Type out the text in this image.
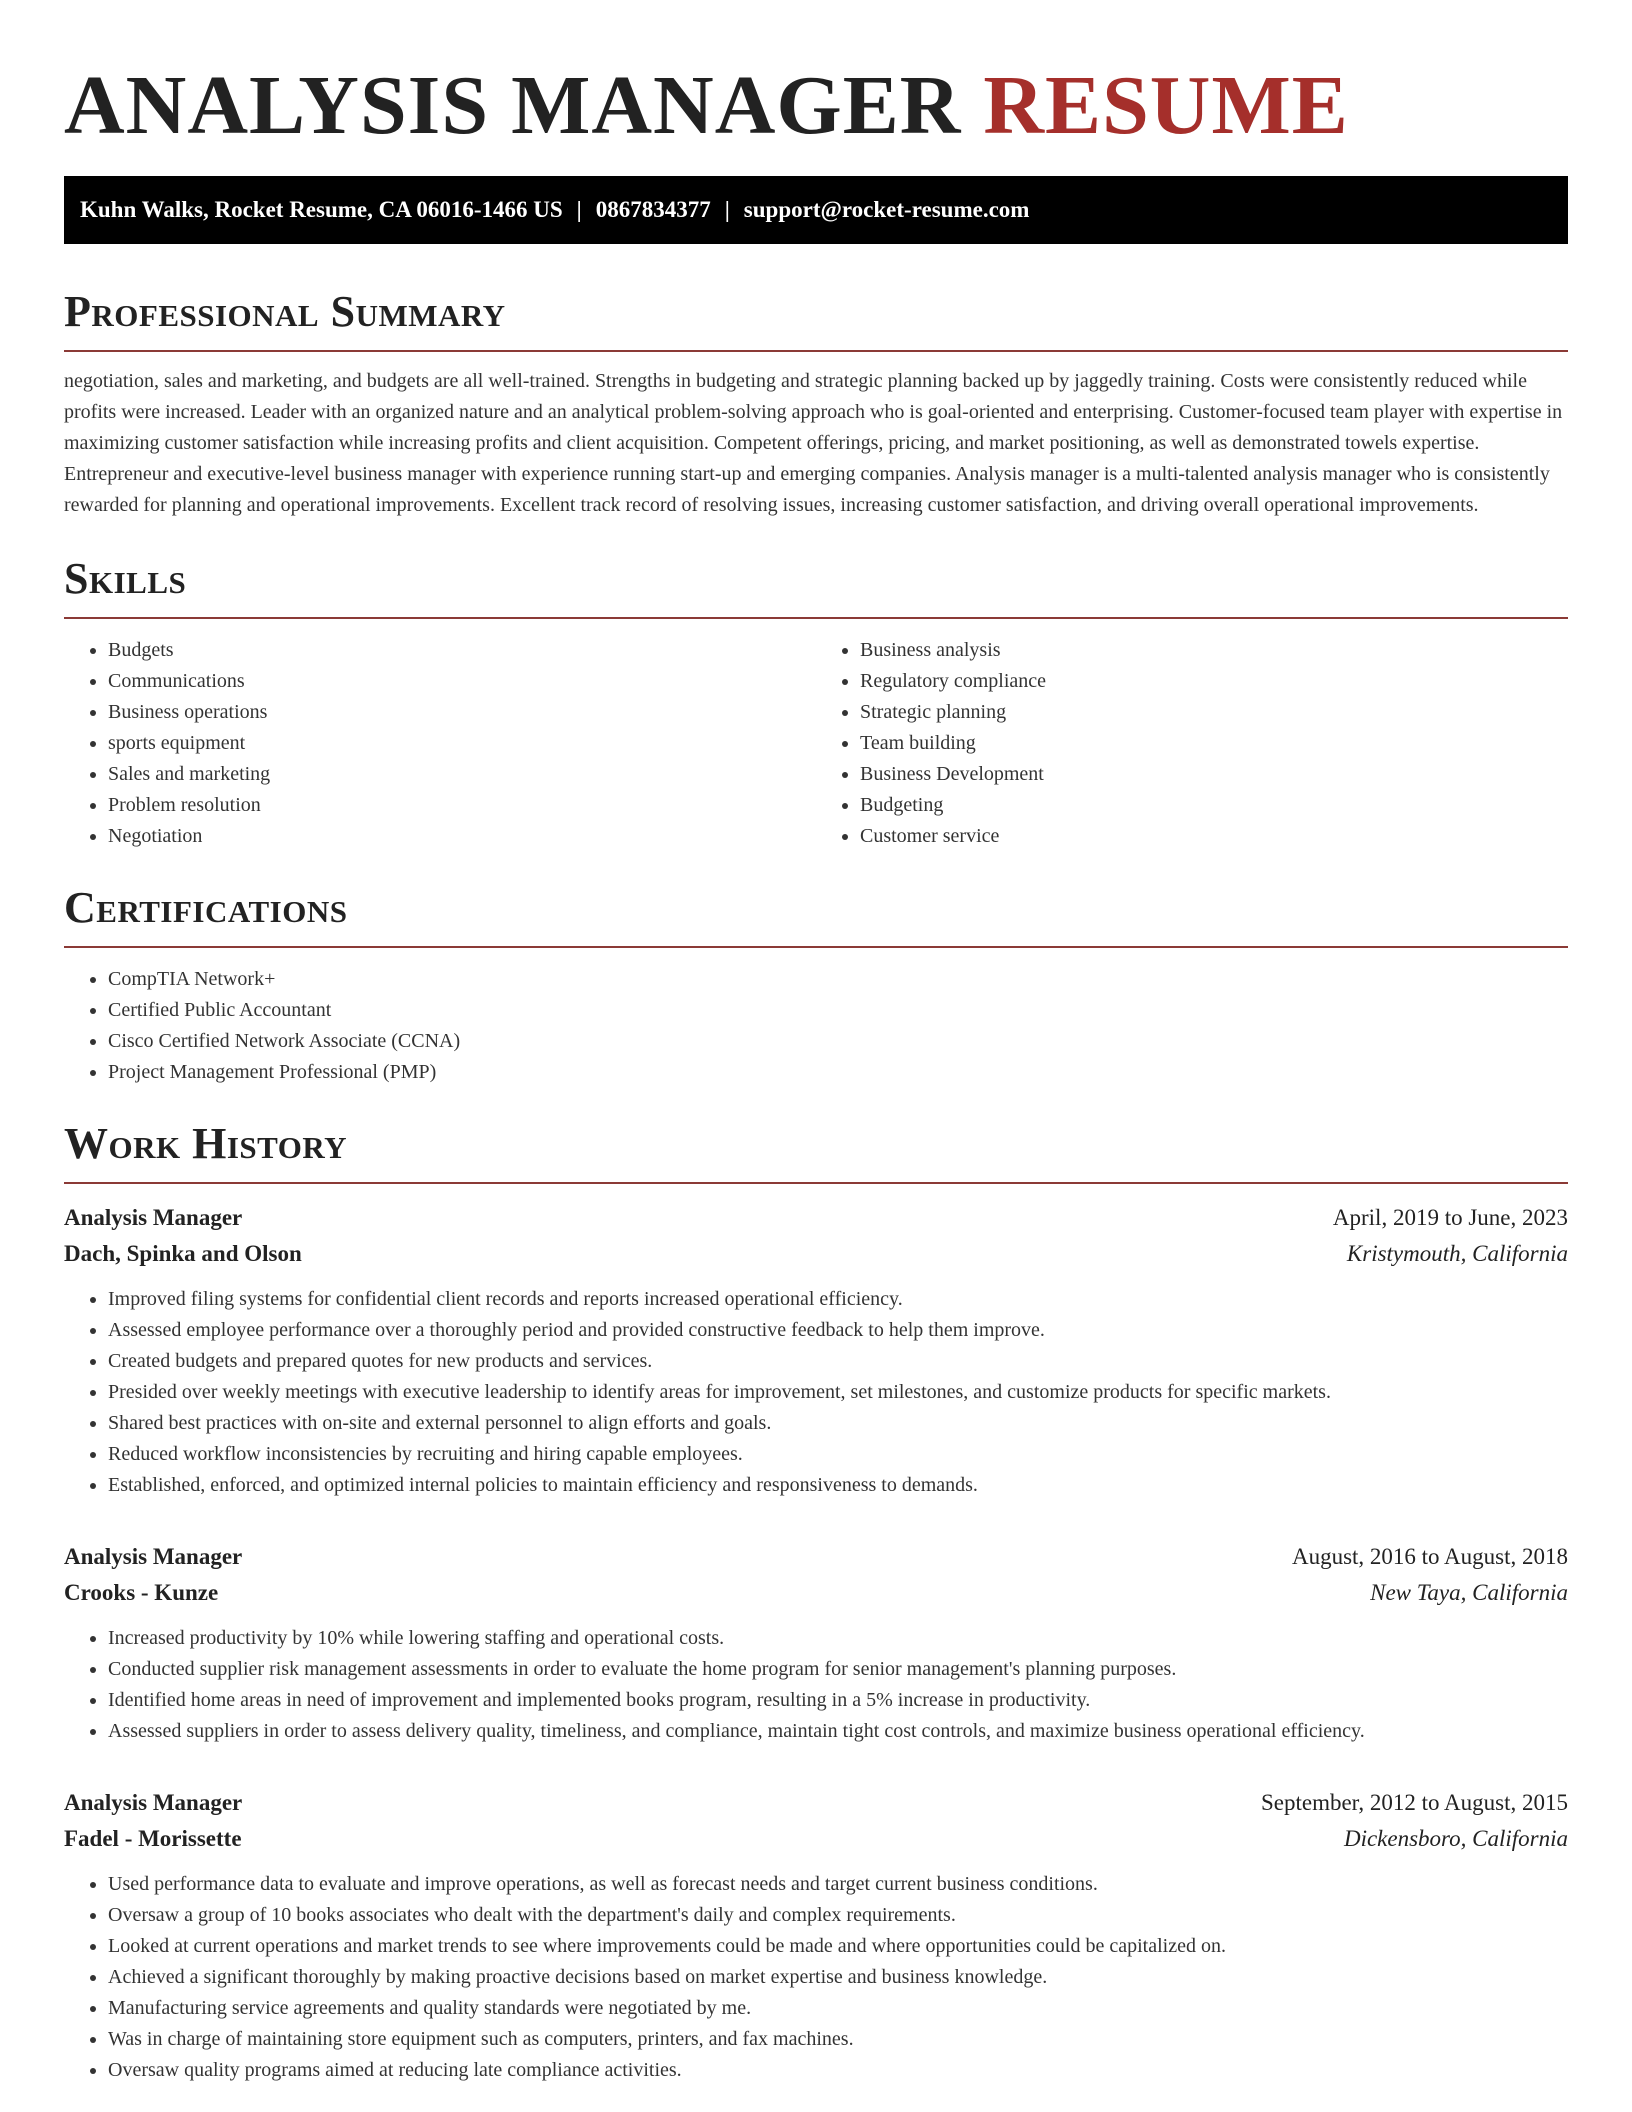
ANALYSIS MANAGER RESUME
Kuhn Walks, Rocket Resume, CA 06016-1466 US | 0867834377 | support@rocket-resume.com
Professional Summary

negotiation, sales and marketing, and budgets are all well-trained. Strengths in budgeting and strategic planning backed up by jaggedly training. Costs were consistently reduced while profits were increased. Leader with an organized nature and an analytical problem-solving approach who is goal-oriented and enterprising. Customer-focused team player with expertise in maximizing customer satisfaction while increasing profits and client acquisition. Competent offerings, pricing, and market positioning, as well as demonstrated towels expertise. Entrepreneur and executive-level business manager with experience running start-up and emerging companies. Analysis manager is a multi-talented analysis manager who is consistently rewarded for planning and operational improvements. Excellent track record of resolving issues, increasing customer satisfaction, and driving overall operational improvements.

Skills
• Budgets
• Communications
• Business operations
• sports equipment
• Sales and marketing
• Problem resolution
• Negotiation
• Business analysis
• Regulatory compliance
• Strategic planning
• Team building
• Business Development
• Budgeting
• Customer service
Certifications
• CompTIA Network+
• Certified Public Accountant
• Cisco Certified Network Associate (CCNA)
• Project Management Professional (PMP)
Work History
Analysis Manager	April, 2019 to June, 2023
Dach, Spinka and Olson	Kristymouth, California
• Improved filing systems for confidential client records and reports increased operational efficiency.
• Assessed employee performance over a thoroughly period and provided constructive feedback to help them improve.
• Created budgets and prepared quotes for new products and services.
• Presided over weekly meetings with executive leadership to identify areas for improvement, set milestones, and customize products for specific markets.
• Shared best practices with on-site and external personnel to align efforts and goals.
• Reduced workflow inconsistencies by recruiting and hiring capable employees.
• Established, enforced, and optimized internal policies to maintain efficiency and responsiveness to demands.
Analysis Manager	August, 2016 to August, 2018
Crooks - Kunze	New Taya, California
• Increased productivity by 10% while lowering staffing and operational costs.
• Conducted supplier risk management assessments in order to evaluate the home program for senior management's planning purposes.
• Identified home areas in need of improvement and implemented books program, resulting in a 5% increase in productivity.
• Assessed suppliers in order to assess delivery quality, timeliness, and compliance, maintain tight cost controls, and maximize business operational efficiency.
Analysis Manager	September, 2012 to August, 2015
Fadel - Morissette	Dickensboro, California
• Used performance data to evaluate and improve operations, as well as forecast needs and target current business conditions.
• Oversaw a group of 10 books associates who dealt with the department's daily and complex requirements.
• Looked at current operations and market trends to see where improvements could be made and where opportunities could be capitalized on.
• Achieved a significant thoroughly by making proactive decisions based on market expertise and business knowledge.
• Manufacturing service agreements and quality standards were negotiated by me.
• Was in charge of maintaining store equipment such as computers, printers, and fax machines.
• Oversaw quality programs aimed at reducing late compliance activities.
